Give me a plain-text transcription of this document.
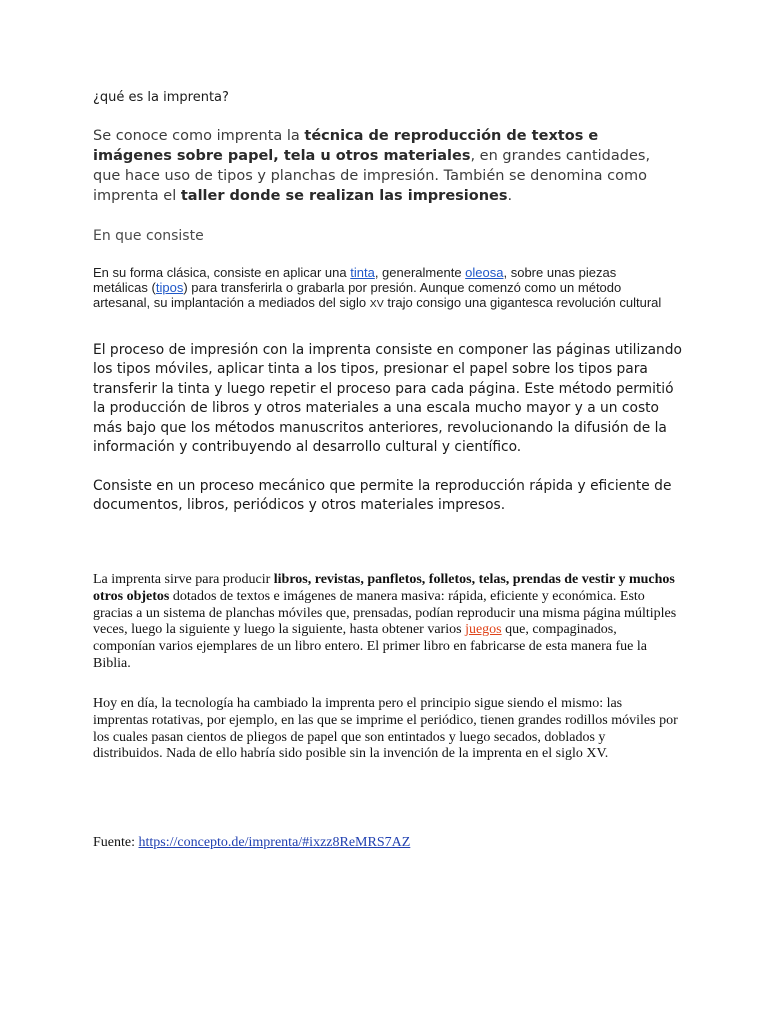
¿qué es la imprenta?

Se conoce como imprenta la técnica de reproducción de textos e imágenes sobre papel, tela u otros materiales, en grandes cantidades, que hace uso de tipos y planchas de impresión. También se denomina como imprenta el taller donde se realizan las impresiones.

En que consiste

En su forma clásica, consiste en aplicar una tinta, generalmente oleosa, sobre unas piezas metálicas (tipos) para transferirla o grabarla por presión. Aunque comenzó como un método artesanal, su implantación a mediados del siglo XV trajo consigo una gigantesca revolución cultural

El proceso de impresión con la imprenta consiste en componer las páginas utilizando los tipos móviles, aplicar tinta a los tipos, presionar el papel sobre los tipos para transferir la tinta y luego repetir el proceso para cada página. Este método permitió la producción de libros y otros materiales a una escala mucho mayor y a un costo más bajo que los métodos manuscritos anteriores, revolucionando la difusión de la información y contribuyendo al desarrollo cultural y científico.

Consiste en un proceso mecánico que permite la reproducción rápida y eficiente de documentos, libros, periódicos y otros materiales impresos.

La imprenta sirve para producir libros, revistas, panfletos, folletos, telas, prendas de vestir y muchos otros objetos dotados de textos e imágenes de manera masiva: rápida, eficiente y económica. Esto gracias a un sistema de planchas móviles que, prensadas, podían reproducir una misma página múltiples veces, luego la siguiente y luego la siguiente, hasta obtener varios juegos que, compaginados, componían varios ejemplares de un libro entero. El primer libro en fabricarse de esta manera fue la Biblia.

Hoy en día, la tecnología ha cambiado la imprenta pero el principio sigue siendo el mismo: las imprentas rotativas, por ejemplo, en las que se imprime el periódico, tienen grandes rodillos móviles por los cuales pasan cientos de pliegos de papel que son entintados y luego secados, doblados y distribuidos. Nada de ello habría sido posible sin la invención de la imprenta en el siglo XV.

Fuente: https://concepto.de/imprenta/#ixzz8ReMRS7AZ
